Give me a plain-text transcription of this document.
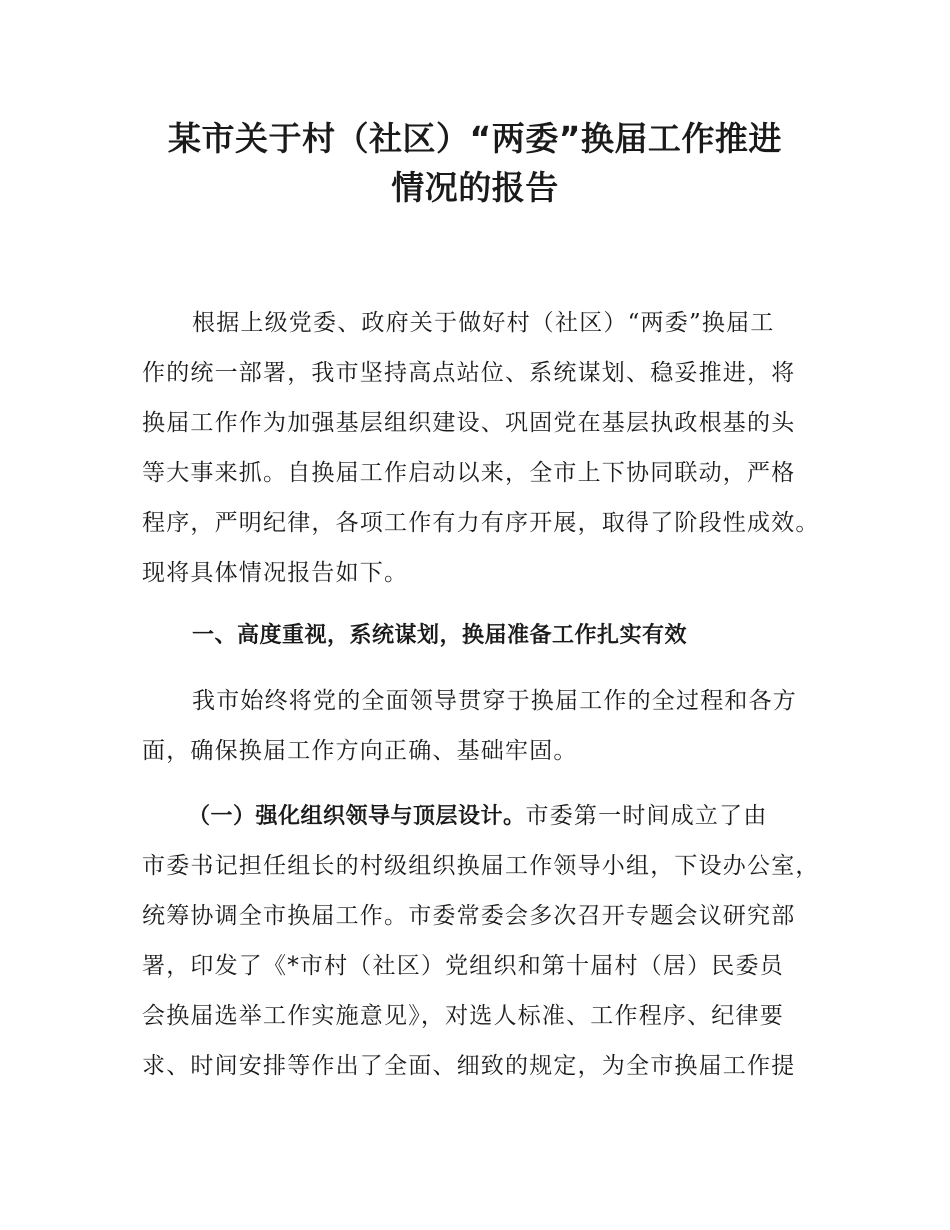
某市关于村（社区）“两委”换届工作推进
情况的报告
根据上级党委、政府关于做好村（社区）“两委”换届工
作的统一部署，我市坚持高点站位、系统谋划、稳妥推进，将
换届工作作为加强基层组织建设、巩固党在基层执政根基的头
等大事来抓。自换届工作启动以来，全市上下协同联动，严格
程序，严明纪律，各项工作有力有序开展，取得了阶段性成效。
现将具体情况报告如下。
一、高度重视，系统谋划，换届准备工作扎实有效
我市始终将党的全面领导贯穿于换届工作的全过程和各方
面，确保换届工作方向正确、基础牢固。
（一）强化组织领导与顶层设计。市委第一时间成立了由
市委书记担任组长的村级组织换届工作领导小组，下设办公室，
统筹协调全市换届工作。市委常委会多次召开专题会议研究部
署，印发了《*市村（社区）党组织和第十届村（居）民委员
会换届选举工作实施意见》，对选人标准、工作程序、纪律要
求、时间安排等作出了全面、细致的规定，为全市换届工作提
